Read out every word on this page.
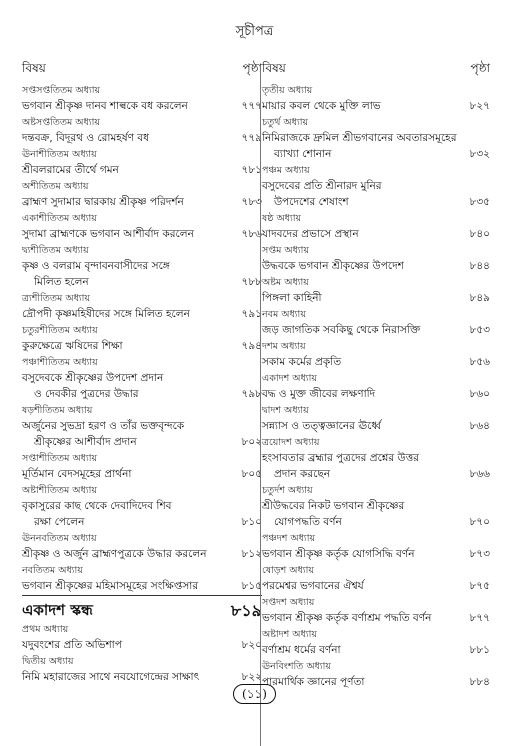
সূচীপত্র
বিষয়	পৃষ্ঠা
সপ্তসপ্ততিতম অধ্যায়
ভগবান শ্রীকৃষ্ণ দানব শাল্বকে বধ করলেন	৭৭৭
অষ্টসপ্ততিতম অধ্যায়
দন্তবক্র, বিদূরথ ও রোমহর্ষণ বধ	৭৭৯
ঊনাশীতিতম অধ্যায়
শ্রীবলরামের তীর্থে গমন	৭৮১
অশীতিতম অধ্যায়
ব্রাহ্মণ সুদামার দ্বারকায় শ্রীকৃষ্ণ পরিদর্শন	৭৮৩
একাশীতিতম অধ্যায়
সুদামা ব্রাহ্মণকে ভগবান আশীর্বাদ করলেন	৭৮৬
দ্ব্যশীতিতম অধ্যায়
কৃষ্ণ ও বলরাম বৃন্দাবনবাসীদের সঙ্গে
মিলিত হলেন	৭৮৮
ত্র্যশীতিতম অধ্যায়
দ্রৌপদী কৃষ্ণমহিষীদের সঙ্গে মিলিত হলেন	৭৯১
চতুরশীতিতম অধ্যায়
কুরুক্ষেত্রে ঋষিদের শিক্ষা	৭৯৪
পঞ্চাশীতিতম অধ্যায়
বসুদেবকে শ্রীকৃষ্ণের উপদেশ প্রদান
ও দেবকীর পুত্রদের উদ্ধার	৭৯৮
ষড়শীতিতম অধ্যায়
অর্জুনের সুভদ্রা হরণ ও তাঁর ভক্তবৃন্দকে
শ্রীকৃষ্ণের আশীর্বাদ প্রদান	৮০২
সপ্তাশীতিতম অধ্যায়
মূর্তিমান বেদসমূহের প্রার্থনা	৮০৫
অষ্টাশীতিতম অধ্যায়
বৃকাসুরের কাছ থেকে দেবাদিদেব শিব
রক্ষা পেলেন	৮১০
ঊননবতিতম অধ্যায়
শ্রীকৃষ্ণ ও অর্জুন ব্রাহ্মণপুত্রকে উদ্ধার করলেন	৮১২
নবতিতম অধ্যায়
ভগবান শ্রীকৃষ্ণের মহিমাসমূহের সংক্ষিপ্তসার	৮১৫
একাদশ স্কন্ধ	৮১৯
প্রথম অধ্যায়
যদুবংশের প্রতি অভিশাপ	৮২০
দ্বিতীয় অধ্যায়
নিমি মহারাজের সাথে নবযোগেন্দ্রের সাক্ষাৎ	৮২২
বিষয়	পৃষ্ঠা
তৃতীয় অধ্যায়
মায়ার কবল থেকে মুক্তি লাভ	৮২৭
চতুর্থ অধ্যায়
নিমিরাজকে দ্রুমিল শ্রীভগবানের অবতারসমূহের
ব্যাখ্যা শোনান	৮৩২
পঞ্চম অধ্যায়
বসুদেবের প্রতি শ্রীনারদ মুনির
উপদেশের শেষাংশ	৮৩৫
ষষ্ঠ অধ্যায়
যাদবদের প্রভাসে প্রস্থান	৮৪০
সপ্তম অধ্যায়
উদ্ধবকে ভগবান শ্রীকৃষ্ণের উপদেশ	৮৪৪
অষ্টম অধ্যায়
পিঙ্গলা কাহিনী	৮৪৯
নবম অধ্যায়
জড় জাগতিক সবকিছু থেকে নিরাসক্তি	৮৫৩
দশম অধ্যায়
সকাম কর্মের প্রকৃতি	৮৫৬
একাদশ অধ্যায়
বদ্ধ ও মুক্ত জীবের লক্ষণাদি	৮৬০
দ্বাদশ অধ্যায়
সন্ন্যাস ও তত্ত্বজ্ঞানের ঊর্ধ্বে	৮৬৪
ত্রয়োদশ অধ্যায়
হংসাবতার ব্রহ্মার পুত্রদের প্রশ্নের উত্তর
প্রদান করছেন	৮৬৬
চতুর্দশ অধ্যায়
শ্রীউদ্ধবের নিকট ভগবান শ্রীকৃষ্ণের
যোগপদ্ধতি বর্ণন	৮৭০
পঞ্চদশ অধ্যায়
ভগবান শ্রীকৃষ্ণ কর্তৃক যোগসিদ্ধি বর্ণন	৮৭৩
ষোড়শ অধ্যায়
পরমেশ্বর ভগবানের ঐশ্বর্য	৮৭৫
সপ্তদশ অধ্যায়
ভগবান শ্রীকৃষ্ণ কর্তৃক বর্ণাশ্রম পদ্ধতি বর্ণন	৮৭৭
অষ্টাদশ অধ্যায়
বর্ণাশ্রম ধর্মের বর্ণনা	৮৮১
ঊনবিংশতি অধ্যায়
পারমার্থিক জ্ঞানের পূর্ণতা	৮৮৪
(১১)
